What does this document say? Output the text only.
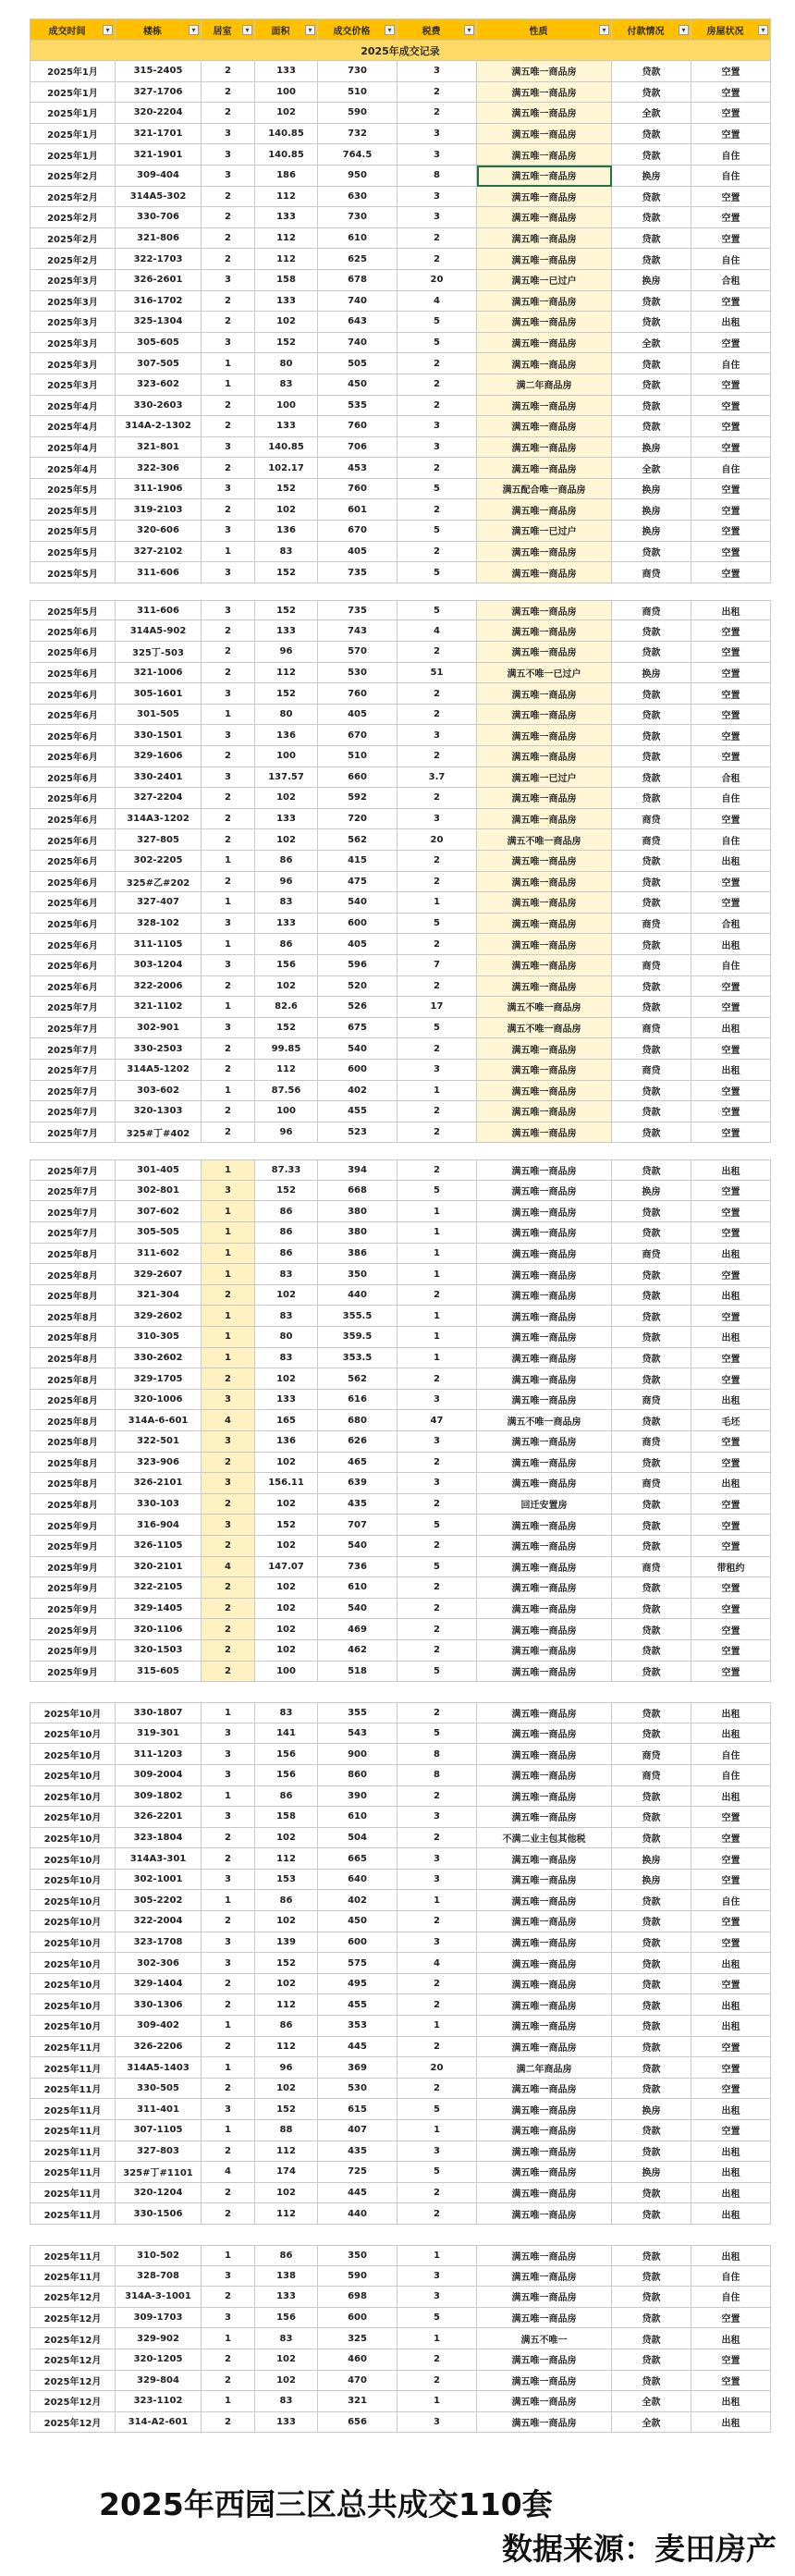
成交时间	▾	楼栋	▾	居室	▾	面积	▾	成交价格	▾	税费	▾	性质	▾	付款情况	▾	房屋状况	▾
2025年成交记录
2025年1月	315-2405	2	133	730	3	满五唯一商品房	贷款	空置
2025年1月	327-1706	2	100	510	2	满五唯一商品房	贷款	空置
2025年1月	320-2204	2	102	590	2	满五唯一商品房	全款	空置
2025年1月	321-1701	3	140.85	732	3	满五唯一商品房	贷款	空置
2025年1月	321-1901	3	140.85	764.5	3	满五唯一商品房	贷款	自住
2025年2月	309-404	3	186	950	8	满五唯一商品房	换房	自住
2025年2月	314A5-302	2	112	630	3	满五唯一商品房	贷款	空置
2025年2月	330-706	2	133	730	3	满五唯一商品房	贷款	空置
2025年2月	321-806	2	112	610	2	满五唯一商品房	贷款	空置
2025年2月	322-1703	2	112	625	2	满五唯一商品房	贷款	自住
2025年3月	326-2601	3	158	678	20	满五唯一已过户	换房	合租
2025年3月	316-1702	2	133	740	4	满五唯一商品房	贷款	空置
2025年3月	325-1304	2	102	643	5	满五唯一商品房	贷款	出租
2025年3月	305-605	3	152	740	5	满五唯一商品房	全款	空置
2025年3月	307-505	1	80	505	2	满五唯一商品房	贷款	自住
2025年3月	323-602	1	83	450	2	满二年商品房	贷款	空置
2025年4月	330-2603	2	100	535	2	满五唯一商品房	贷款	空置
2025年4月	314A-2-1302	2	133	760	3	满五唯一商品房	贷款	空置
2025年4月	321-801	3	140.85	706	3	满五唯一商品房	换房	空置
2025年4月	322-306	2	102.17	453	2	满五唯一商品房	全款	自住
2025年5月	311-1906	3	152	760	5	满五配合唯一商品房	换房	空置
2025年5月	319-2103	2	102	601	2	满五唯一商品房	换房	空置
2025年5月	320-606	3	136	670	5	满五唯一已过户	换房	空置
2025年5月	327-2102	1	83	405	2	满五唯一商品房	贷款	空置
2025年5月	311-606	3	152	735	5	满五唯一商品房	商贷	空置
2025年5月	311-606	3	152	735	5	满五唯一商品房	商贷	出租
2025年6月	314A5-902	2	133	743	4	满五唯一商品房	贷款	空置
2025年6月	325丁-503	2	96	570	2	满五唯一商品房	贷款	空置
2025年6月	321-1006	2	112	530	51	满五不唯一已过户	换房	空置
2025年6月	305-1601	3	152	760	2	满五唯一商品房	贷款	空置
2025年6月	301-505	1	80	405	2	满五唯一商品房	贷款	空置
2025年6月	330-1501	3	136	670	3	满五唯一商品房	贷款	空置
2025年6月	329-1606	2	100	510	2	满五唯一商品房	贷款	空置
2025年6月	330-2401	3	137.57	660	3.7	满五唯一已过户	贷款	合租
2025年6月	327-2204	2	102	592	2	满五唯一商品房	贷款	自住
2025年6月	314A3-1202	2	133	720	3	满五唯一商品房	商贷	空置
2025年6月	327-805	2	102	562	20	满五不唯一商品房	商贷	自住
2025年6月	302-2205	1	86	415	2	满五唯一商品房	贷款	出租
2025年6月	325#乙#202	2	96	475	2	满五唯一商品房	贷款	空置
2025年6月	327-407	1	83	540	1	满五唯一商品房	贷款	空置
2025年6月	328-102	3	133	600	5	满五唯一商品房	商贷	合租
2025年6月	311-1105	1	86	405	2	满五唯一商品房	贷款	出租
2025年6月	303-1204	3	156	596	7	满五唯一商品房	商贷	自住
2025年6月	322-2006	2	102	520	2	满五唯一商品房	贷款	空置
2025年7月	321-1102	1	82.6	526	17	满五不唯一商品房	贷款	空置
2025年7月	302-901	3	152	675	5	满五不唯一商品房	商贷	出租
2025年7月	330-2503	2	99.85	540	2	满五唯一商品房	贷款	空置
2025年7月	314A5-1202	2	112	600	3	满五唯一商品房	商贷	出租
2025年7月	303-602	1	87.56	402	1	满五唯一商品房	贷款	空置
2025年7月	320-1303	2	100	455	2	满五唯一商品房	贷款	空置
2025年7月	325#丁#402	2	96	523	2	满五唯一商品房	贷款	空置
2025年7月	301-405	1	87.33	394	2	满五唯一商品房	贷款	出租
2025年7月	302-801	3	152	668	5	满五唯一商品房	换房	空置
2025年7月	307-602	1	86	380	1	满五唯一商品房	贷款	空置
2025年7月	305-505	1	86	380	1	满五唯一商品房	贷款	空置
2025年8月	311-602	1	86	386	1	满五唯一商品房	商贷	出租
2025年8月	329-2607	1	83	350	1	满五唯一商品房	贷款	空置
2025年8月	321-304	2	102	440	2	满五唯一商品房	贷款	出租
2025年8月	329-2602	1	83	355.5	1	满五唯一商品房	贷款	空置
2025年8月	310-305	1	80	359.5	1	满五唯一商品房	贷款	出租
2025年8月	330-2602	1	83	353.5	1	满五唯一商品房	贷款	空置
2025年8月	329-1705	2	102	562	2	满五唯一商品房	贷款	空置
2025年8月	320-1006	3	133	616	3	满五唯一商品房	商贷	出租
2025年8月	314A-6-601	4	165	680	47	满五不唯一商品房	贷款	毛坯
2025年8月	322-501	3	136	626	3	满五唯一商品房	商贷	空置
2025年8月	323-906	2	102	465	2	满五唯一商品房	贷款	空置
2025年8月	326-2101	3	156.11	639	3	满五唯一商品房	商贷	出租
2025年8月	330-103	2	102	435	2	回迁安置房	贷款	空置
2025年9月	316-904	3	152	707	5	满五唯一商品房	贷款	空置
2025年9月	326-1105	2	102	540	2	满五唯一商品房	贷款	空置
2025年9月	320-2101	4	147.07	736	5	满五唯一商品房	商贷	带租约
2025年9月	322-2105	2	102	610	2	满五唯一商品房	贷款	空置
2025年9月	329-1405	2	102	540	2	满五唯一商品房	贷款	空置
2025年9月	320-1106	2	102	469	2	满五唯一商品房	贷款	空置
2025年9月	320-1503	2	102	462	2	满五唯一商品房	贷款	空置
2025年9月	315-605	2	100	518	5	满五唯一商品房	贷款	空置
2025年10月	330-1807	1	83	355	2	满五唯一商品房	贷款	出租
2025年10月	319-301	3	141	543	5	满五唯一商品房	贷款	出租
2025年10月	311-1203	3	156	900	8	满五唯一商品房	商贷	自住
2025年10月	309-2004	3	156	860	8	满五唯一商品房	商贷	自住
2025年10月	309-1802	1	86	390	2	满五唯一商品房	贷款	出租
2025年10月	326-2201	3	158	610	3	满五唯一商品房	贷款	空置
2025年10月	323-1804	2	102	504	2	不满二业主包其他税	贷款	空置
2025年10月	314A3-301	2	112	665	3	满五唯一商品房	换房	空置
2025年10月	302-1001	3	153	640	3	满五唯一商品房	换房	空置
2025年10月	305-2202	1	86	402	1	满五唯一商品房	贷款	自住
2025年10月	322-2004	2	102	450	2	满五唯一商品房	贷款	空置
2025年10月	323-1708	3	139	600	3	满五唯一商品房	贷款	空置
2025年10月	302-306	3	152	575	4	满五唯一商品房	贷款	出租
2025年10月	329-1404	2	102	495	2	满五唯一商品房	贷款	空置
2025年10月	330-1306	2	112	455	2	满五唯一商品房	贷款	出租
2025年10月	309-402	1	86	353	1	满五唯一商品房	贷款	出租
2025年11月	326-2206	2	112	445	2	满五唯一商品房	贷款	空置
2025年11月	314A5-1403	1	96	369	20	满二年商品房	贷款	空置
2025年11月	330-505	2	102	530	2	满五唯一商品房	贷款	空置
2025年11月	311-401	3	152	615	5	满五唯一商品房	换房	出租
2025年11月	307-1105	1	88	407	1	满五唯一商品房	贷款	空置
2025年11月	327-803	2	112	435	3	满五唯一商品房	贷款	出租
2025年11月	325#丁#1101	4	174	725	5	满五唯一商品房	换房	出租
2025年11月	320-1204	2	102	445	2	满五唯一商品房	贷款	出租
2025年11月	330-1506	2	112	440	2	满五唯一商品房	贷款	出租
2025年11月	310-502	1	86	350	1	满五唯一商品房	贷款	出租
2025年11月	328-708	3	138	590	3	满五唯一商品房	贷款	自住
2025年12月	314A-3-1001	2	133	698	3	满五唯一商品房	贷款	自住
2025年12月	309-1703	3	156	600	5	满五唯一商品房	贷款	空置
2025年12月	329-902	1	83	325	1	满五不唯一	贷款	出租
2025年12月	320-1205	2	102	460	2	满五唯一商品房	贷款	空置
2025年12月	329-804	2	102	470	2	满五唯一商品房	贷款	空置
2025年12月	323-1102	1	83	321	1	满五唯一商品房	全款	出租
2025年12月	314-A2-601	2	133	656	3	满五唯一商品房	全款	出租
2025年西园三区总共成交110套
数据来源：麦田房产
